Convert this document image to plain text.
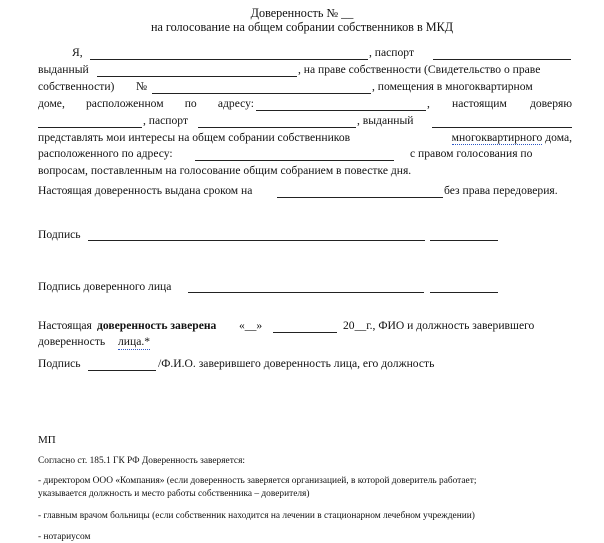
Доверенность № __
на голосование на общем собрании собственников в МКД
Я,	, паспорт
выданный	, на праве собственности (Свидетельство о праве
собственности) №	, помещения в многоквартирном
доме, расположенном по адресу:	, настоящим доверяю
, паспорт	, выданный
представлять мои интересы на общем собрании собственников	многоквартирного дома,
расположенного по адресу:	с правом голосования по
вопросам, поставленным на голосование общим собранием в повестке дня.
Настоящая доверенность выдана сроком на	без права передоверия.
Подпись
Подпись доверенного лица
Настоящая доверенность заверена «__»	20__г., ФИО и должность заверившего
доверенность лица.*
Подпись	/Ф.И.О. заверившего доверенность лица, его должность
МП
Согласно ст. 185.1 ГК РФ Доверенность заверяется:
- директором ООО «Компания» (если доверенность заверяется организацией, в которой доверитель работает;
указывается должность и место работы собственника – доверителя)
- главным врачом больницы (если собственник находится на лечении в стационарном лечебном учреждении)
- нотариусом
